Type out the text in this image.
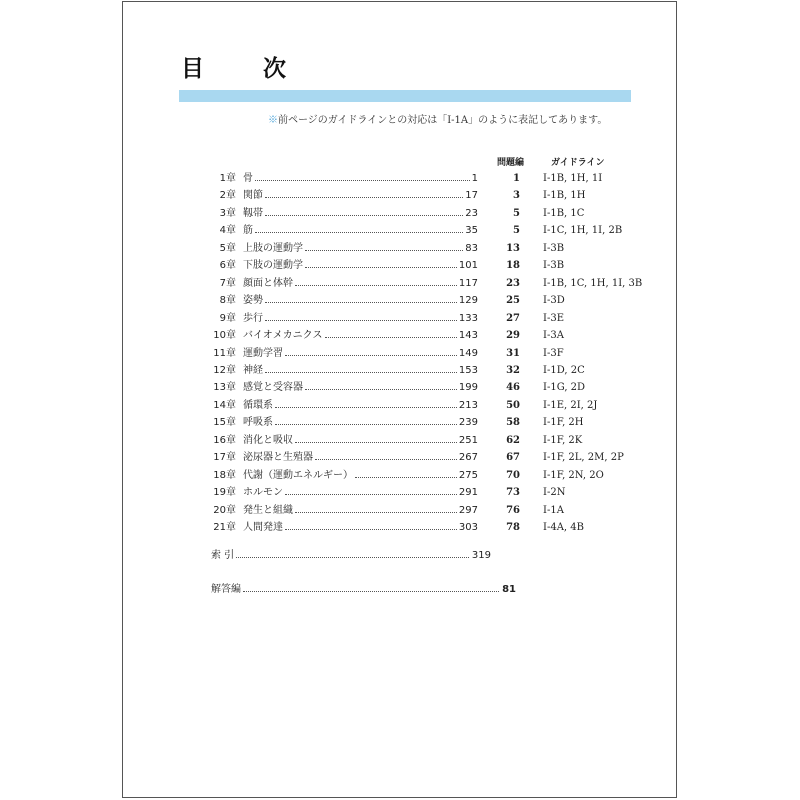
目　次
※前ページのガイドラインとの対応は「I-1A」のように表記してあります。
問題編	ガイドライン
1章 骨	1	1 I-1B, 1H, 1I
2章 関節	17	3 I-1B, 1H
3章 靱帯	23	5 I-1B, 1C
4章 筋	35	5 I-1C, 1H, 1I, 2B
5章 上肢の運動学	83	13 I-3B
6章 下肢の運動学	101	18 I-3B
7章 顔面と体幹	117	23 I-1B, 1C, 1H, 1I, 3B
8章 姿勢	129	25 I-3D
9章 歩行	133	27 I-3E
10章 バイオメカニクス	143	29 I-3A
11章 運動学習	149	31 I-3F
12章 神経	153	32 I-1D, 2C
13章 感覚と受容器	199	46 I-1G, 2D
14章 循環系	213	50 I-1E, 2I, 2J
15章 呼吸系	239	58 I-1F, 2H
16章 消化と吸収	251	62 I-1F, 2K
17章 泌尿器と生殖器	267	67 I-1F, 2L, 2M, 2P
18章 代謝（運動エネルギー）	275	70 I-1F, 2N, 2O
19章 ホルモン	291	73 I-2N
20章 発生と組織	297	76 I-1A
21章 人間発達	303	78 I-4A, 4B
索 引	319
解答編	81
